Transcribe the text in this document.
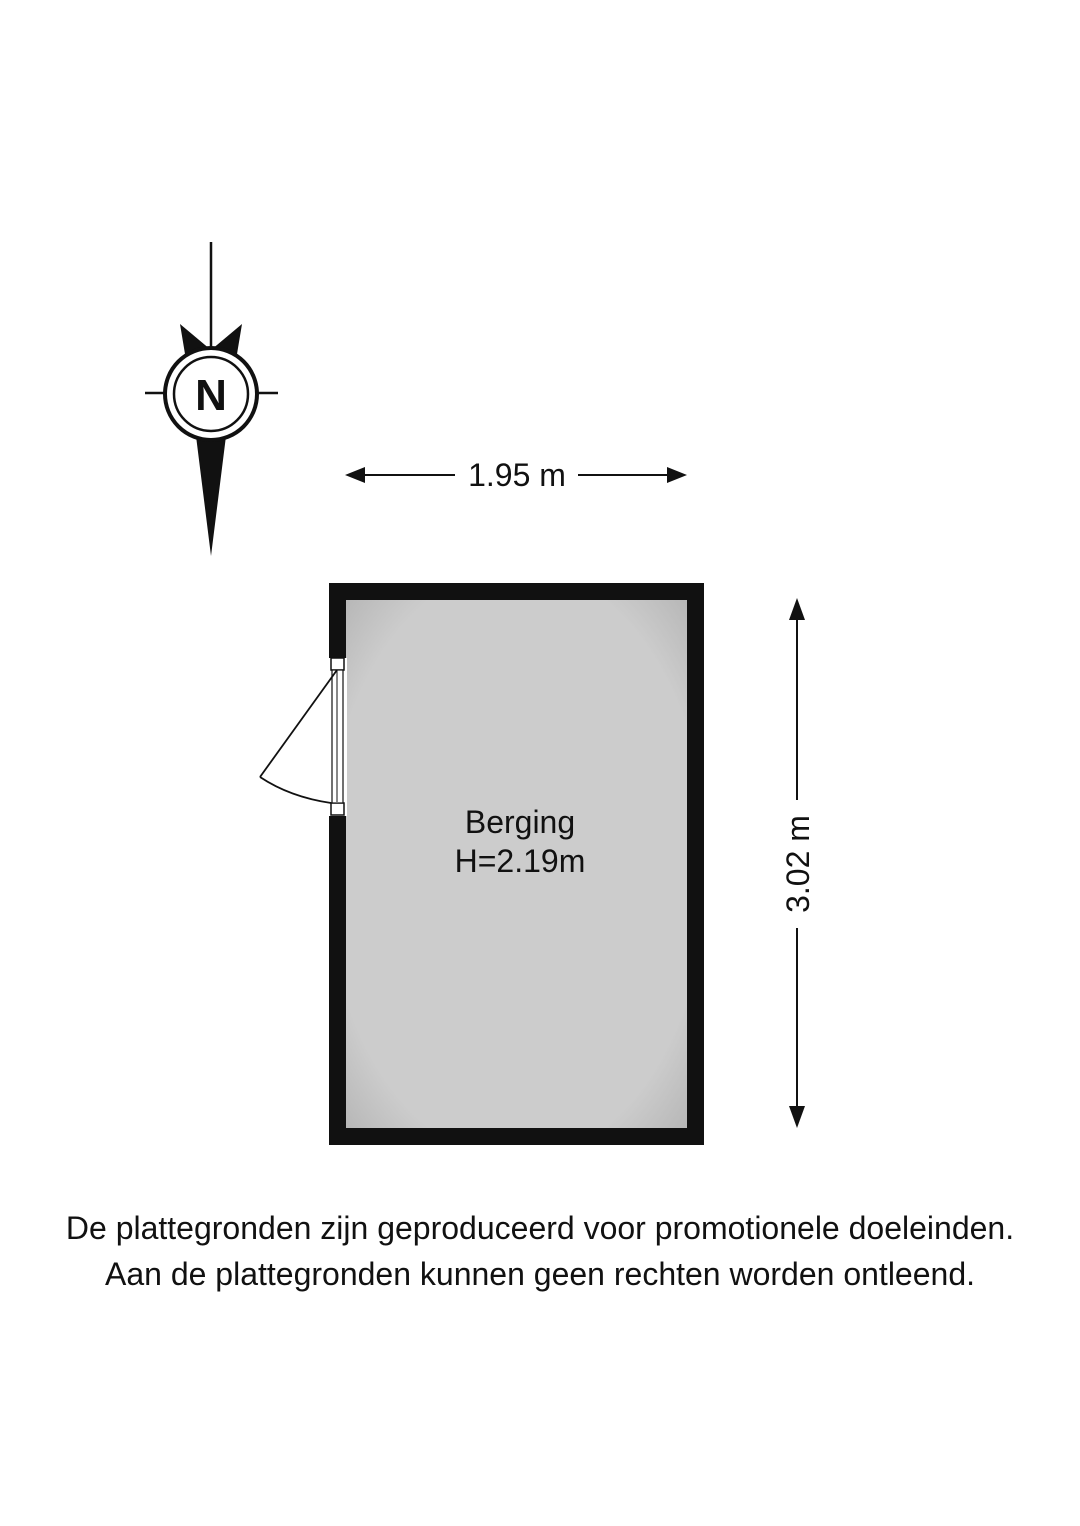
N
1.95 m
3.02 m
Berging
H=2.19m
De plattegronden zijn geproduceerd voor promotionele doeleinden.
Aan de plattegronden kunnen geen rechten worden ontleend.
